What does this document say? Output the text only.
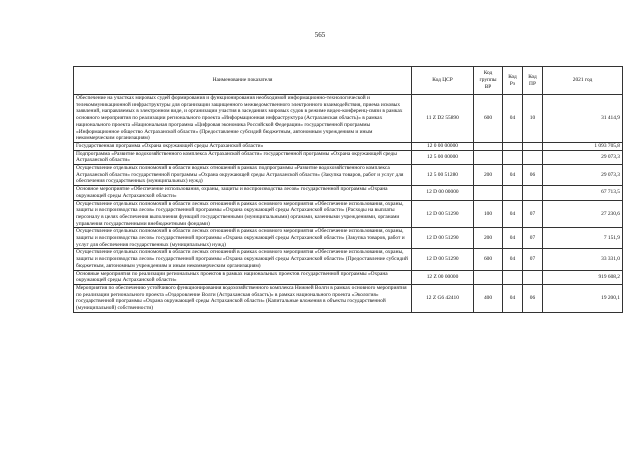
565
Наименование показателя	Код ЦСР	Код группы ВР	Код Рз	Код ПР	2021 год
Обеспечение на участках мировых судей формирования и функционирования необходимой информационно-технологической и телекоммуникационной инфраструктуры для организации защищенного межведомственного электронного взаимодействия, приема исковых заявлений, направляемых в электронном виде, и организации участия в заседаниях мировых судов в режиме видео-конференц-связи в рамках основного мероприятия по реализации регионального проекта «Информационная инфраструктура (Астраханская область)» в рамках национального проекта «Национальная программа «Цифровая экономика Российской Федерации» государственной программы «Информационное общество Астраханской области» (Предоставление субсидий бюджетным, автономным учреждениям и иным некоммерческим организациям)	11 Z D2 55890	600	04	10	31 414,9
Государственная программа «Охрана окружающей среды Астраханской области»	12 0 00 00000				1 093 705,8
Подпрограмма «Развитие водохозяйственного комплекса Астраханской области» государственной программы «Охрана окружающей среды Астраханской области»	12 5 00 00000				29 073,3
Осуществление отдельных полномочий в области водных отношений в рамках подпрограммы «Развитие водохозяйственного комплекса Астраханской области» государственной программы «Охрана окружающей среды Астраханской области» (Закупка товаров, работ и услуг для обеспечения государственных (муниципальных) нужд)	12 5 00 51280	200	04	06	29 073,3
Основное мероприятие «Обеспечение использования, охраны, защиты и воспроизводства лесов» государственной программы «Охрана окружающей среды Астраханской области»	12 D 00 00000				67 713,5
Осуществление отдельных полномочий в области лесных отношений в рамках основного мероприятия «Обеспечение использования, охраны, защиты и воспроизводства лесов» государственной программы «Охрана окружающей среды Астраханской области» (Расходы на выплаты персоналу в целях обеспечения выполнения функций государственными (муниципальными) органами, казенными учреждениями, органами управления государственными внебюджетными фондами)	12 D 00 51290	100	04	07	27 230,6
Осуществление отдельных полномочий в области лесных отношений в рамках основного мероприятия «Обеспечение использования, охраны, защиты и воспроизводства лесов» государственной программы «Охрана окружающей среды Астраханской области» (Закупка товаров, работ и услуг для обеспечения государственных (муниципальных) нужд)	12 D 00 51290	200	04	07	7 151,9
Осуществление отдельных полномочий в области лесных отношений в рамках основного мероприятия «Обеспечение использования, охраны, защиты и воспроизводства лесов» государственной программы «Охрана окружающей среды Астраханской области» (Предоставление субсидий бюджетным, автономным учреждениям и иным некоммерческим организациям)	12 D 00 51290	600	04	07	33 331,0
Основные мероприятия по реализации региональных проектов в рамках национальных проектов государственной программы «Охрана окружающей среды Астраханской области»	12 Z 00 00000				919 608,2
Мероприятия по обеспечению устойчивого функционирования водохозяйственного комплекса Нижней Волги в рамках основного мероприятия по реализации регионального проекта «Оздоровление Волги (Астраханская область)» в рамках национального проекта «Экология» государственной программы «Охрана окружающей среды Астраханской области» (Капитальные вложения в объекты государственной (муниципальной) собственности)	12 Z G6 42410	400	04	06	19 200,1
